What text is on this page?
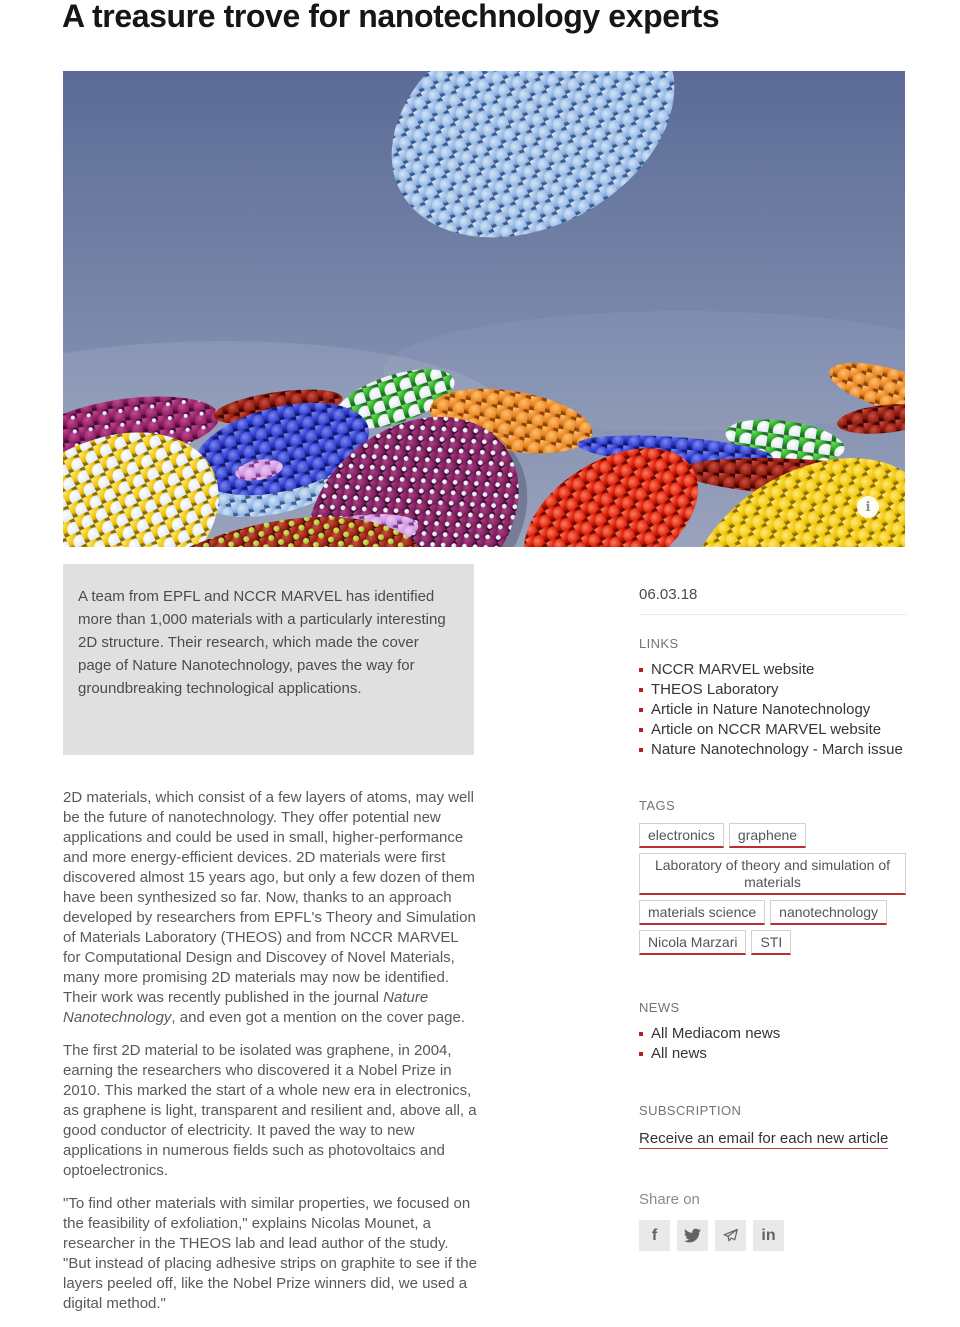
A treasure trove for nanotechnology experts
i

A team from EPFL and NCCR MARVEL has identified more than 1,000 materials with a particularly interesting 2D structure. Their research, which made the cover page of Nature Nanotechnology, paves the way for groundbreaking technological applications.

2D materials, which consist of a few layers of atoms, may well be the future of nanotechnology. They offer potential new applications and could be used in small, higher-performance and more energy-efficient devices. 2D materials were first discovered almost 15 years ago, but only a few dozen of them have been synthesized so far. Now, thanks to an approach developed by researchers from EPFL's Theory and Simulation of Materials Laboratory (THEOS) and from NCCR MARVEL for Computational Design and Discovey of Novel Materials, many more promising 2D materials may now be identified. Their work was recently published in the journal Nature Nanotechnology, and even got a mention on the cover page.

The first 2D material to be isolated was graphene, in 2004, earning the researchers who discovered it a Nobel Prize in 2010. This marked the start of a whole new era in electronics, as graphene is light, transparent and resilient and, above all, a good conductor of electricity. It paved the way to new applications in numerous fields such as photovoltaics and optoelectronics.

"To find other materials with similar properties, we focused on the feasibility of exfoliation," explains Nicolas Mounet, a researcher in the THEOS lab and lead author of the study. "But instead of placing adhesive strips on graphite to see if the layers peeled off, like the Nobel Prize winners did, we used a digital method."

06.03.18

LINKS
NCCR MARVEL website
THEOS Laboratory
Article in Nature Nanotechnology
Article on NCCR MARVEL website
Nature Nanotechnology - March issue
TAGS
electronics	graphene
Laboratory of theory and simulation of materials
materials science	nanotechnology
Nicola Marzari	STI
NEWS
All Mediacom news
All news
SUBSCRIPTION
Receive an email for each new article

Share on

f	in
